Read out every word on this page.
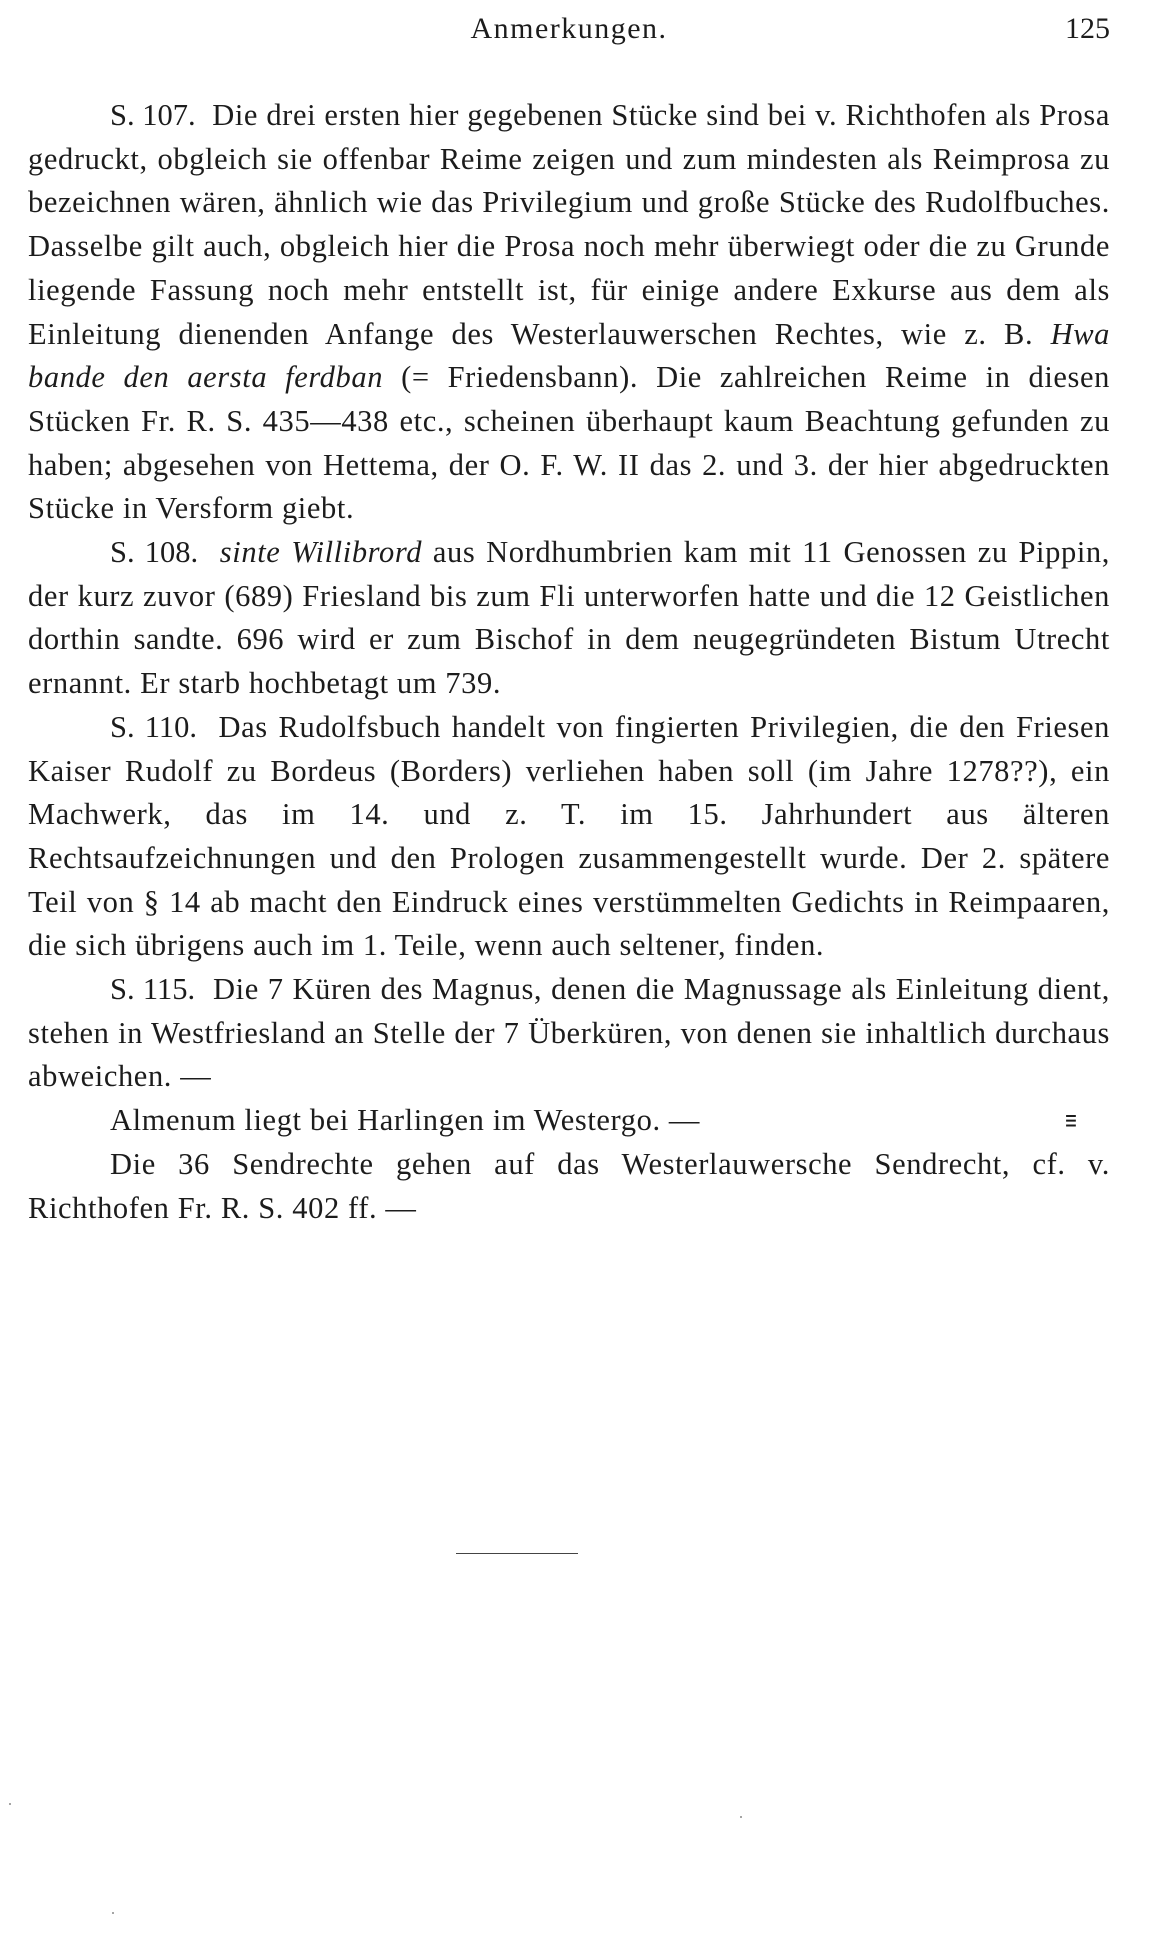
Anmerkungen.	125

S. 107. Die drei ersten hier gegebenen Stücke sind bei v. Richthofen als Prosa gedruckt, obgleich sie offenbar Reime zeigen und zum mindesten als Reimprosa zu bezeichnen wären, ähnlich wie das Privilegium und große Stücke des Rudolfbuches. Dasselbe gilt auch, obgleich hier die Prosa noch mehr überwiegt oder die zu Grunde liegende Fassung noch mehr entstellt ist, für einige andere Exkurse aus dem als Einleitung dienenden Anfange des Westerlauwerschen Rechtes, wie z. B. Hwa bande den aersta ferdban (= Friedensbann). Die zahlreichen Reime in diesen Stücken Fr. R. S. 435—438 etc., scheinen überhaupt kaum Beachtung gefunden zu haben; abgesehen von Hettema, der O. F. W. II das 2. und 3. der hier abgedruckten Stücke in Versform giebt.

S. 108. sinte Willibrord aus Nordhumbrien kam mit 11 Genossen zu Pippin, der kurz zuvor (689) Friesland bis zum Fli unterworfen hatte und die 12 Geistlichen dorthin sandte. 696 wird er zum Bischof in dem neugegründeten Bistum Utrecht ernannt. Er starb hochbetagt um 739.

S. 110. Das Rudolfsbuch handelt von fingierten Privilegien, die den Friesen Kaiser Rudolf zu Bordeus (Borders) verliehen haben soll (im Jahre 1278??), ein Machwerk, das im 14. und z. T. im 15. Jahrhundert aus älteren Rechtsaufzeichnungen und den Prologen zusammengestellt wurde. Der 2. spätere Teil von § 14 ab macht den Eindruck eines verstümmelten Gedichts in Reimpaaren, die sich übrigens auch im 1. Teile, wenn auch seltener, finden.

S. 115. Die 7 Küren des Magnus, denen die Magnussage als Einleitung dient, stehen in Westfriesland an Stelle der 7 Überküren, von denen sie inhaltlich durchaus abweichen. —

Almenum liegt bei Harlingen im Westergo. —

Die 36 Sendrechte gehen auf das Westerlauwersche Sendrecht, cf. v. Richthofen Fr. R. S. 402 ff. —

≡
